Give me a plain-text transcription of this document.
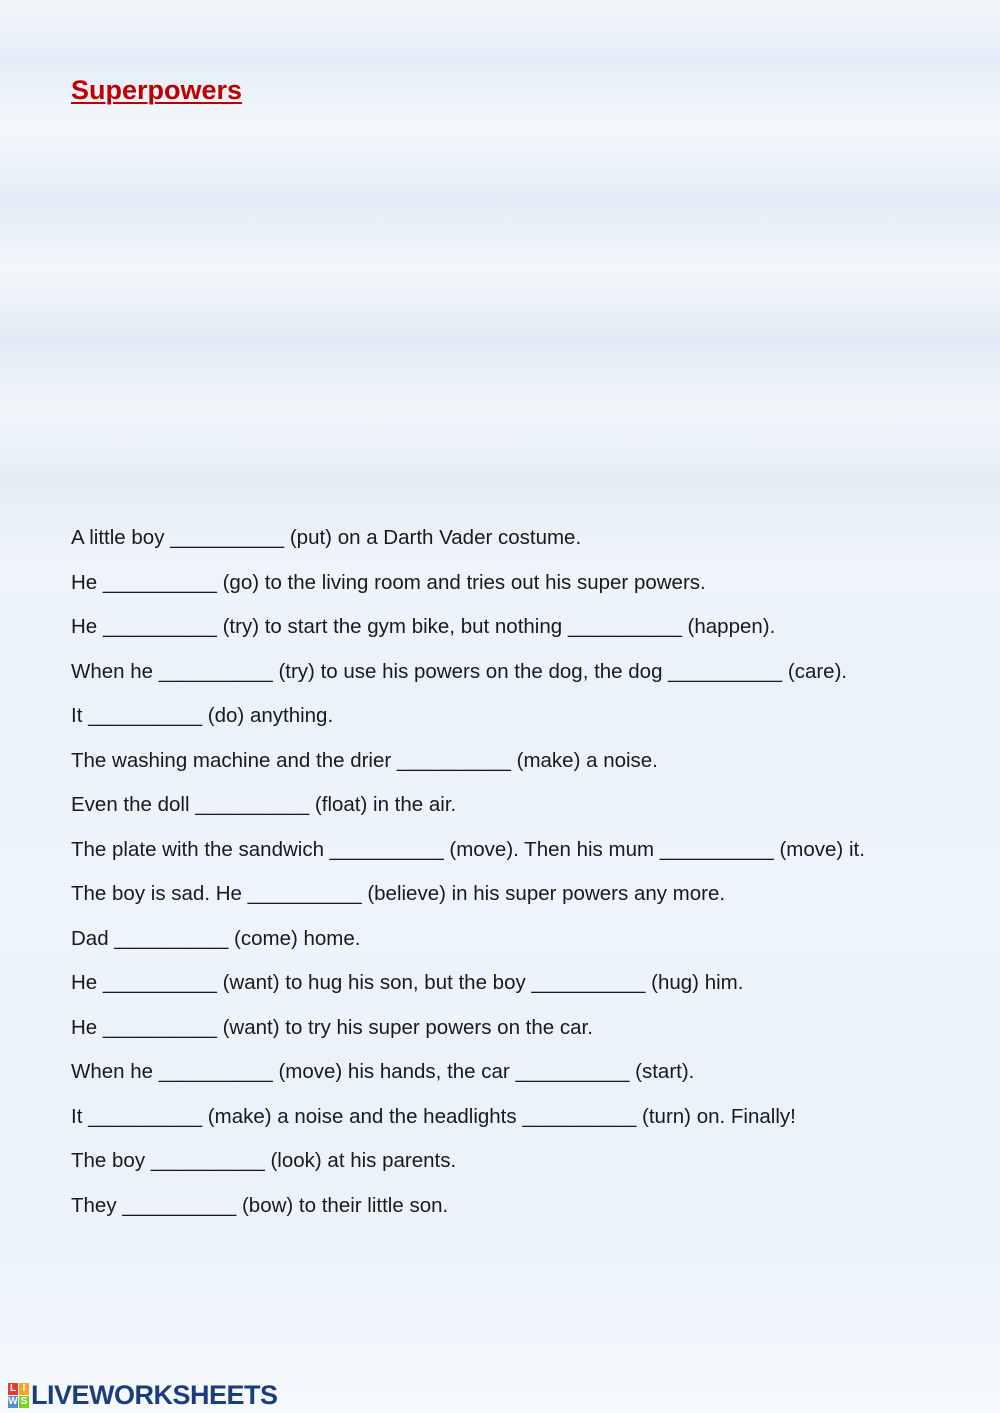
Superpowers
A little boy __________ (put) on a Darth Vader costume.
He __________ (go) to the living room and tries out his super powers.
He __________ (try) to start the gym bike, but nothing __________ (happen).
When he __________ (try) to use his powers on the dog, the dog __________ (care).
It __________ (do) anything.
The washing machine and the drier __________ (make) a noise.
Even the doll __________ (float) in the air.
The plate with the sandwich __________ (move). Then his mum __________ (move) it.
The boy is sad. He __________ (believe) in his super powers any more.
Dad __________ (come) home.
He __________ (want) to hug his son, but the boy __________ (hug) him.
He __________ (want) to try his super powers on the car.
When he __________ (move) his hands, the car __________ (start).
It __________ (make) a noise and the headlights __________ (turn) on. Finally!
The boy __________ (look) at his parents.
They __________ (bow) to their little son.
L I
W S LIVEWORKSHEETS
